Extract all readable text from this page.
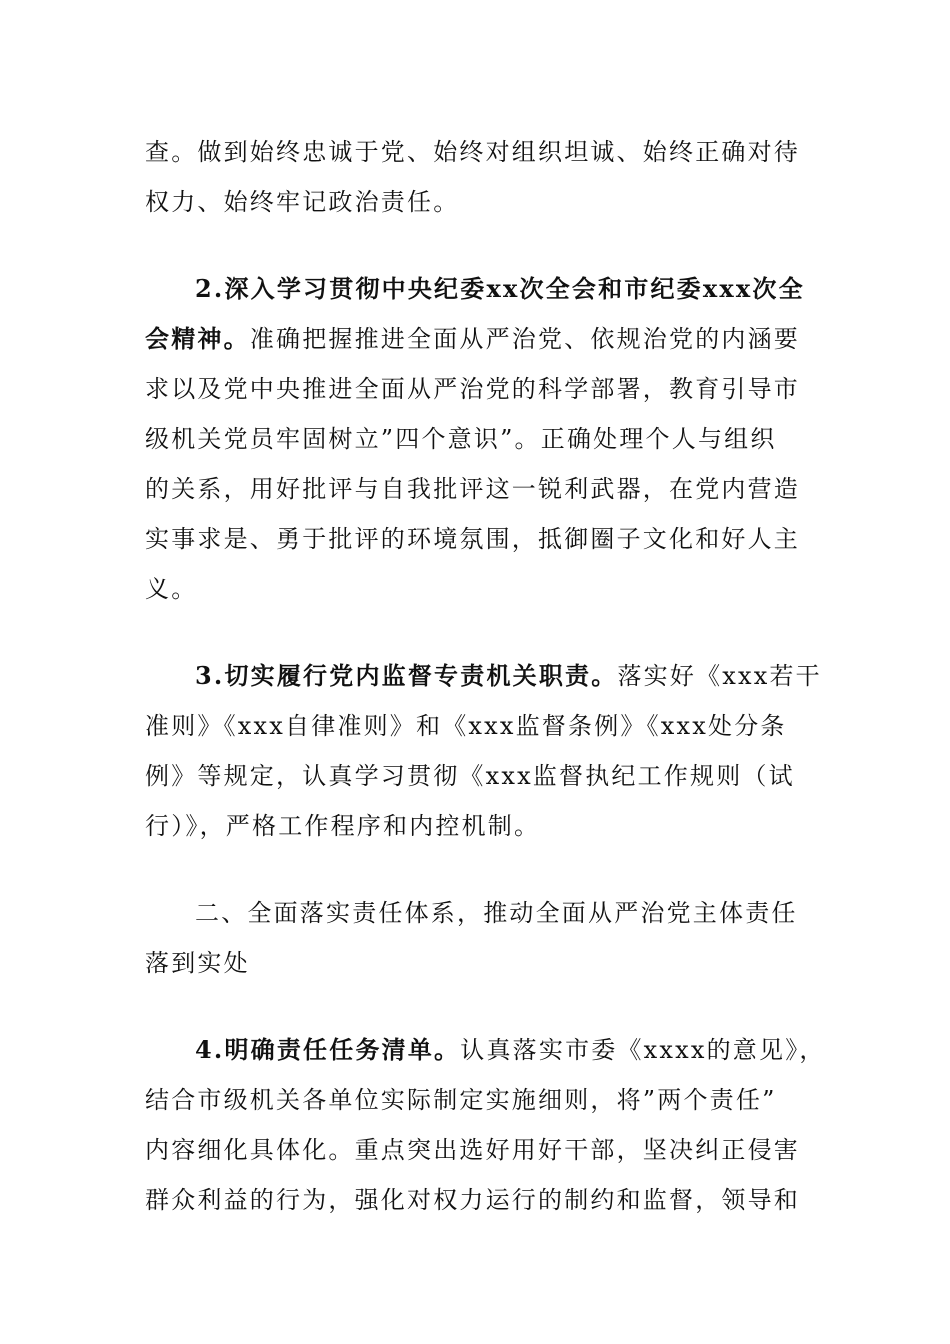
查。做到始终忠诚于党、始终对组织坦诚、始终正确对待
权力、始终牢记政治责任。
2.深入学习贯彻中央纪委xx次全会和市纪委xxx次全
会精神。准确把握推进全面从严治党、依规治党的内涵要
求以及党中央推进全面从严治党的科学部署，教育引导市
级机关党员牢固树立”四个意识”。正确处理个人与组织
的关系，用好批评与自我批评这一锐利武器，在党内营造
实事求是、勇于批评的环境氛围，抵御圈子文化和好人主
义。
3.切实履行党内监督专责机关职责。落实好《xxx若干
准则》《xxx自律准则》和《xxx监督条例》《xxx处分条
例》等规定，认真学习贯彻《xxx监督执纪工作规则（试
行）》，严格工作程序和内控机制。
二、全面落实责任体系，推动全面从严治党主体责任
落到实处
4.明确责任任务清单。认真落实市委《xxxx的意见》，
结合市级机关各单位实际制定实施细则，将”两个责任”
内容细化具体化。重点突出选好用好干部，坚决纠正侵害
群众利益的行为，强化对权力运行的制约和监督，领导和
